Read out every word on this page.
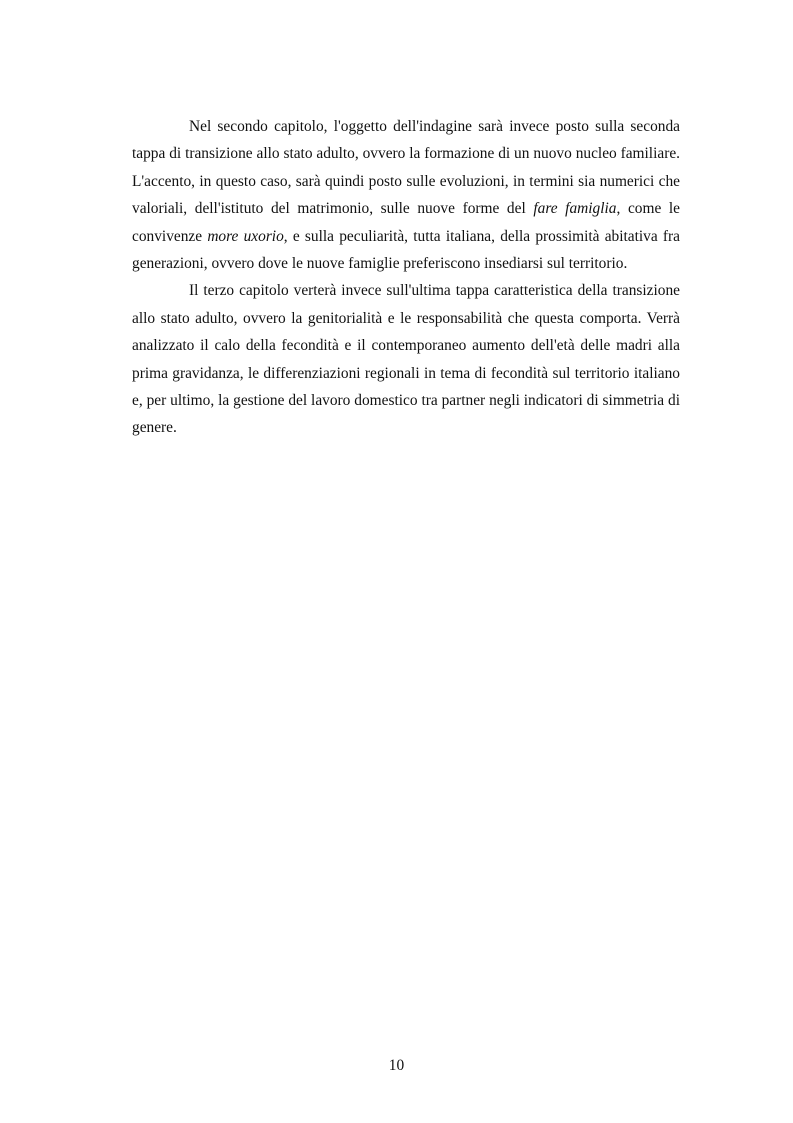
Nel secondo capitolo, l'oggetto dell'indagine sarà invece posto sulla seconda tappa di transizione allo stato adulto, ovvero la formazione di un nuovo nucleo familiare. L'accento, in questo caso, sarà quindi posto sulle evoluzioni, in termini sia numerici che valoriali, dell'istituto del matrimonio, sulle nuove forme del fare famiglia, come le convivenze more uxorio, e sulla peculiarità, tutta italiana, della prossimità abitativa fra generazioni, ovvero dove le nuove famiglie preferiscono insediarsi sul territorio.

Il terzo capitolo verterà invece sull'ultima tappa caratteristica della transizione allo stato adulto, ovvero la genitorialità e le responsabilità che questa comporta. Verrà analizzato il calo della fecondità e il contemporaneo aumento dell'età delle madri alla prima gravidanza, le differenziazioni regionali in tema di fecondità sul territorio italiano e, per ultimo, la gestione del lavoro domestico tra partner negli indicatori di simmetria di genere.

10
